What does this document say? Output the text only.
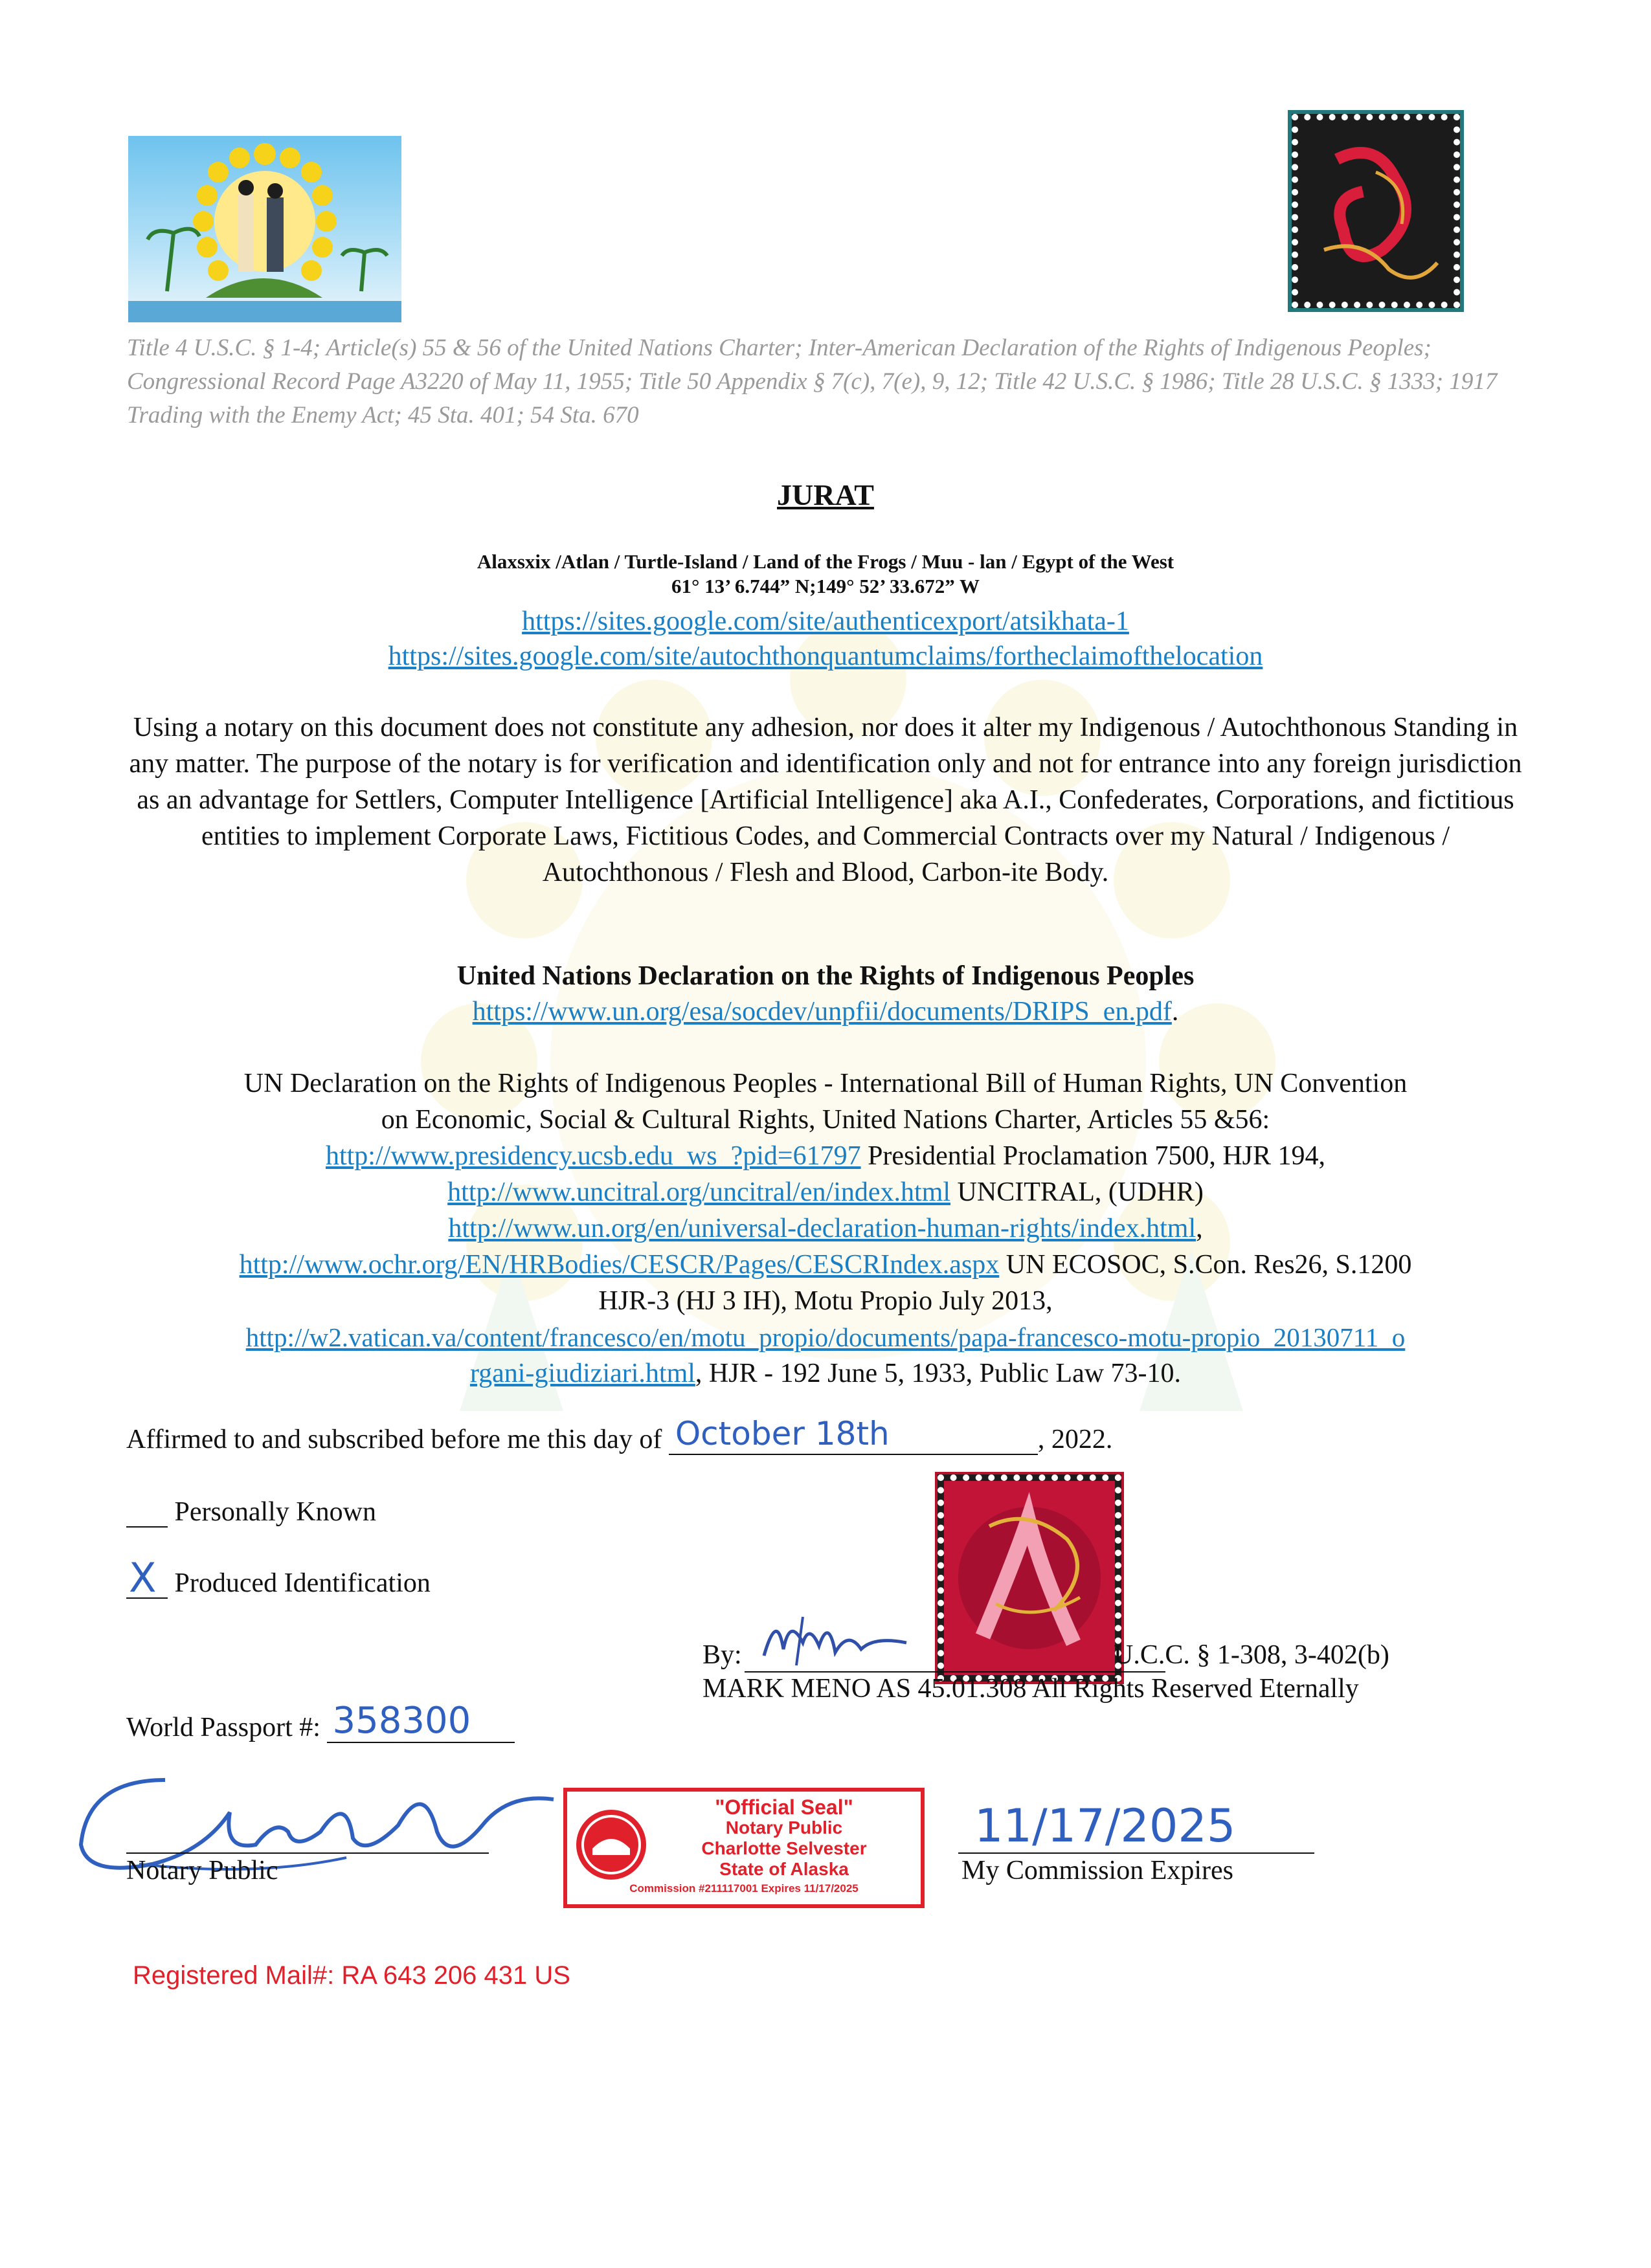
Title 4 U.S.C. § 1-4; Article(s) 55 & 56 of the United Nations Charter; Inter-American Declaration of the Rights of Indigenous Peoples; Congressional Record Page A3220 of May 11, 1955; Title 50 Appendix § 7(c), 7(e), 9, 12; Title 42 U.S.C. § 1986; Title 28 U.S.C. § 1333; 1917 Trading with the Enemy Act; 45 Sta. 401; 54 Sta. 670
JURAT
Alaxsxix /Atlan / Turtle-Island / Land of the Frogs / Muu - lan / Egypt of the West
61° 13’ 6.744” N;149° 52’ 33.672” W
https://sites.google.com/site/authenticexport/atsikhata-1
https://sites.google.com/site/autochthonquantumclaims/fortheclaimofthelocation
Using a notary on this document does not constitute any adhesion, nor does it alter my Indigenous / Autochthonous Standing in any matter. The purpose of the notary is for verification and identification only and not for entrance into any foreign jurisdiction as an advantage for Settlers, Computer Intelligence [Artificial Intelligence] aka A.I., Confederates, Corporations, and fictitious entities to implement Corporate Laws, Fictitious Codes, and Commercial Contracts over my Natural / Indigenous / Autochthonous / Flesh and Blood, Carbon-ite Body.
United Nations Declaration on the Rights of Indigenous Peoples
https://www.un.org/esa/socdev/unpfii/documents/DRIPS_en.pdf.
UN Declaration on the Rights of Indigenous Peoples - International Bill of Human Rights, UN Convention
on Economic, Social & Cultural Rights, United Nations Charter, Articles 55 &56:
http://www.presidency.ucsb.edu_ws_?pid=61797 Presidential Proclamation 7500, HJR 194,
http://www.uncitral.org/uncitral/en/index.html UNCITRAL, (UDHR)
http://www.un.org/en/universal-declaration-human-rights/index.html,
http://www.ochr.org/EN/HRBodies/CESCR/Pages/CESCRIndex.aspx UN ECOSOC, S.Con. Res26, S.1200
HJR-3 (HJ 3 IH), Motu Propio July 2013,
http://w2.vatican.va/content/francesco/en/motu_propio/documents/papa-francesco-motu-propio_20130711_o
rgani-giudiziari.html, HJR - 192 June 5, 1933, Public Law 73-10.
Affirmed to and subscribed before me this day of October 18th	, 2022.
Personally Known
X Produced Identification
By:	U.C.C. § 1-308, 3-402(b)
MARK MENO AS 45.01.308 All Rights Reserved Eternally
World Passport #: 358300
Notary Public
"Official Seal"
Notary Public
Charlotte Selvester
State of Alaska
Commission #211117001 Expires 11/17/2025
11/17/2025
My Commission Expires
Registered Mail#: RA 643 206 431 US
